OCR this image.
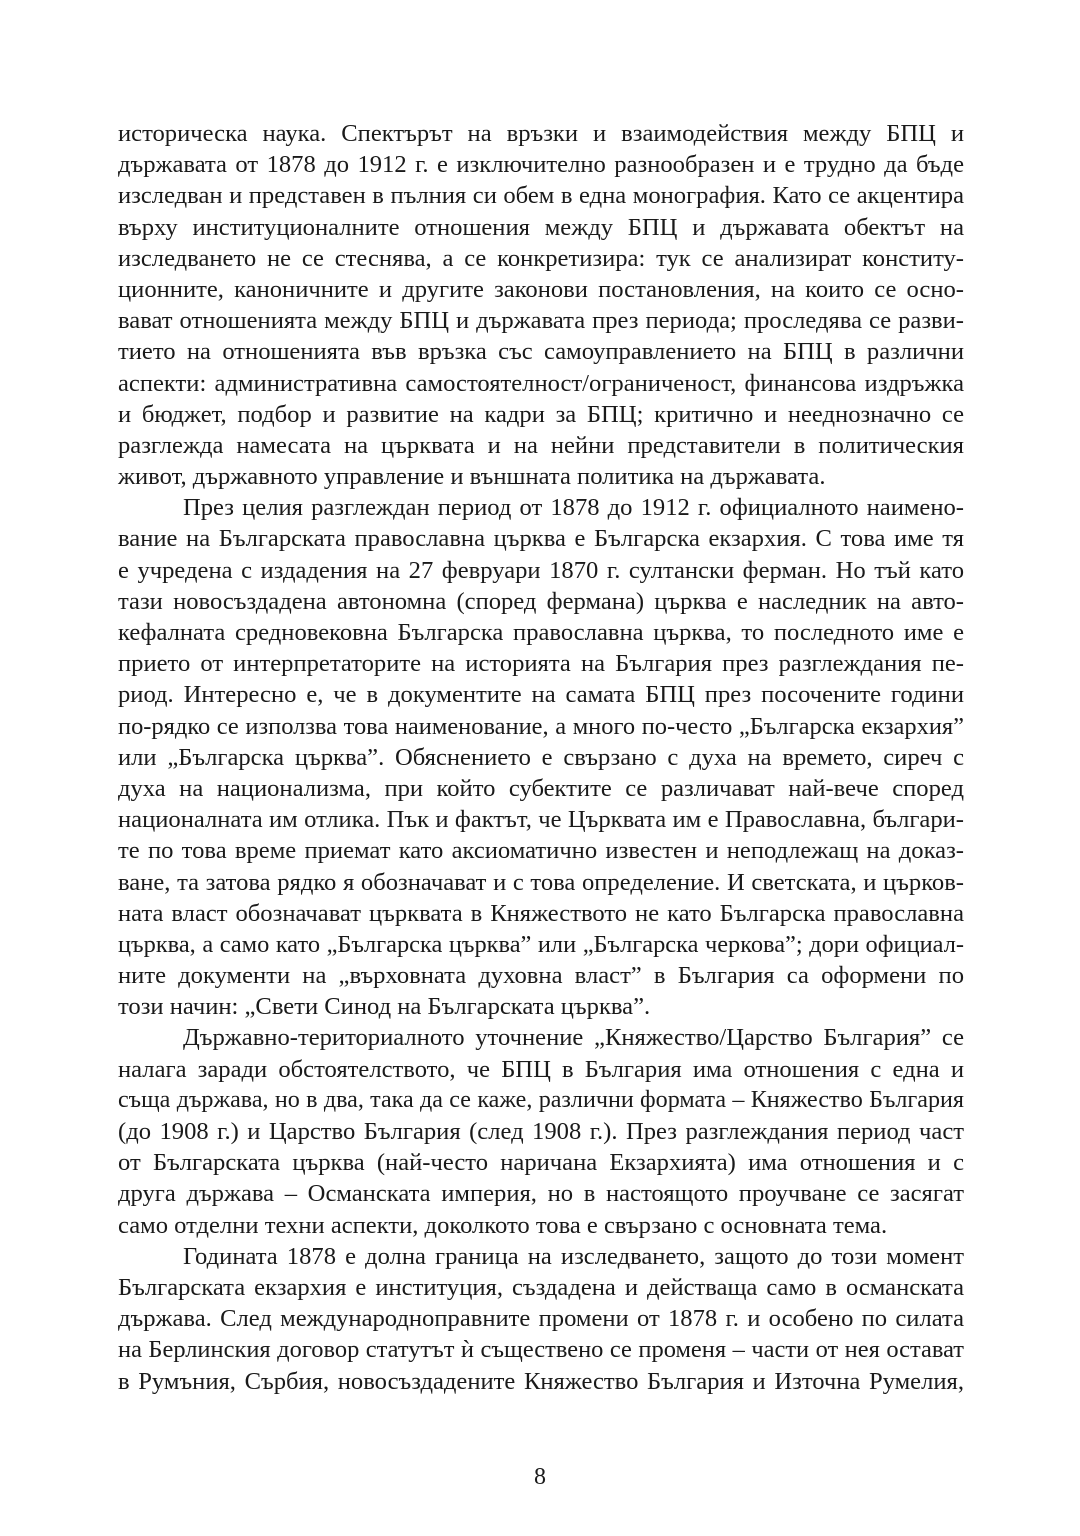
историческа наука. Спектърът на връзки и взаимодействия между БПЦ и
държавата от 1878 до 1912 г. е изключително разнообразен и е трудно да бъде
изследван и представен в пълния си обем в една монография. Като се акцентира
върху институционалните отношения между БПЦ и държавата обектът на
изследването не се стеснява, а се конкретизира: тук се анализират конститу-
ционните, каноничните и другите законови постановления, на които се осно-
вават отношенията между БПЦ и държавата през периода; проследява се разви-
тието на отношенията във връзка със самоуправлението на БПЦ в различни
аспекти: административна самостоятелност/ограниченост, финансова издръжка
и бюджет, подбор и развитие на кадри за БПЦ; критично и нееднозначно се
разглежда намесата на църквата и на нейни представители в политическия
живот, държавното управление и външната политика на държавата.
През целия разглеждан период от 1878 до 1912 г. официалното наимено-
вание на Българската православна църква е Българска екзархия. С това име тя
е учредена с издадения на 27 февруари 1870 г. султански ферман. Но тъй като
тази новосъздадена автономна (според фермана) църква е наследник на авто-
кефалната средновековна Българска православна църква, то последното име е
прието от интерпретаторите на историята на България през разглеждания пе-
риод. Интересно е, че в документите на самата БПЦ през посочените години
по-рядко се използва това наименование, а много по-често „Българска екзархия”
или „Българска църква”. Обяснението е свързано с духа на времето, сиреч с
духа на национализма, при който субектите се различават най-вече според
националната им отлика. Пък и фактът, че Църквата им е Православна, българи-
те по това време приемат като аксиоматично известен и неподлежащ на доказ-
ване, та затова рядко я обозначават и с това определение. И светската, и църков-
ната власт обозначават църквата в Княжеството не като Българска православна
църква, а само като „Българска църква” или „Българска черкова”; дори официал-
ните документи на „върховната духовна власт” в България са оформени по
този начин: „Свети Синод на Българската църква”.
Държавно-териториалното уточнение „Княжество/Царство България” се
налага заради обстоятелството, че БПЦ в България има отношения с една и
съща държава, но в два, така да се каже, различни формата – Княжество България
(до 1908 г.) и Царство България (след 1908 г.). През разглеждания период част
от Българската църква (най-често наричана Екзархията) има отношения и с
друга държава – Османската империя, но в настоящото проучване се засягат
само отделни техни аспекти, доколкото това е свързано с основната тема.
Годината 1878 е долна граница на изследването, защото до този момент
Българската екзархия е институция, създадена и действаща само в османската
държава. След международноправните промени от 1878 г. и особено по силата
на Берлинския договор статутът ѝ съществено се променя – части от нея остават
в Румъния, Сърбия, новосъздадените Княжество България и Източна Румелия,
8
